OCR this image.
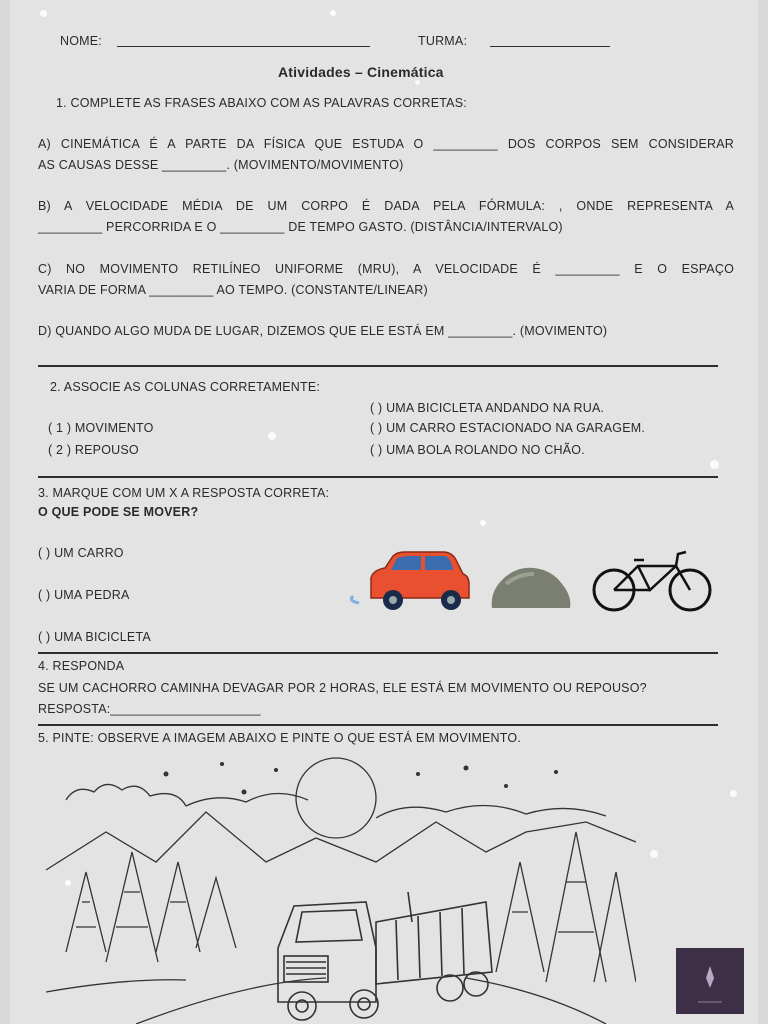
NOME:	TURMA:
Atividades – Cinemática
1. COMPLETE AS FRASES ABAIXO COM AS PALAVRAS CORRETAS:
A) CINEMÁTICA É A PARTE DA FÍSICA QUE ESTUDA O _________ DOS CORPOS SEM CONSIDERAR
AS CAUSAS DESSE _________. (MOVIMENTO/MOVIMENTO)
B) A VELOCIDADE MÉDIA DE UM CORPO É DADA PELA FÓRMULA: , ONDE REPRESENTA A
_________ PERCORRIDA E O _________ DE TEMPO GASTO. (DISTÂNCIA/INTERVALO)
C) NO MOVIMENTO RETILÍNEO UNIFORME (MRU), A VELOCIDADE É _________ E O ESPAÇO
VARIA DE FORMA _________ AO TEMPO. (CONSTANTE/LINEAR)
D) QUANDO ALGO MUDA DE LUGAR, DIZEMOS QUE ELE ESTÁ EM _________. (MOVIMENTO)
2. ASSOCIE AS COLUNAS CORRETAMENTE:
( ) UMA BICICLETA ANDANDO NA RUA.
( 1 ) MOVIMENTO	( ) UM CARRO ESTACIONADO NA GARAGEM.
( 2 ) REPOUSO	( ) UMA BOLA ROLANDO NO CHÃO.
3. MARQUE COM UM X A RESPOSTA CORRETA:
O QUE PODE SE MOVER?
( ) UM CARRO
( ) UMA PEDRA
( ) UMA BICICLETA
4. RESPONDA
SE UM CACHORRO CAMINHA DEVAGAR POR 2 HORAS, ELE ESTÁ EM MOVIMENTO OU REPOUSO?
RESPOSTA:_____________________
5. PINTE: OBSERVE A IMAGEM ABAIXO E PINTE O QUE ESTÁ EM MOVIMENTO.
